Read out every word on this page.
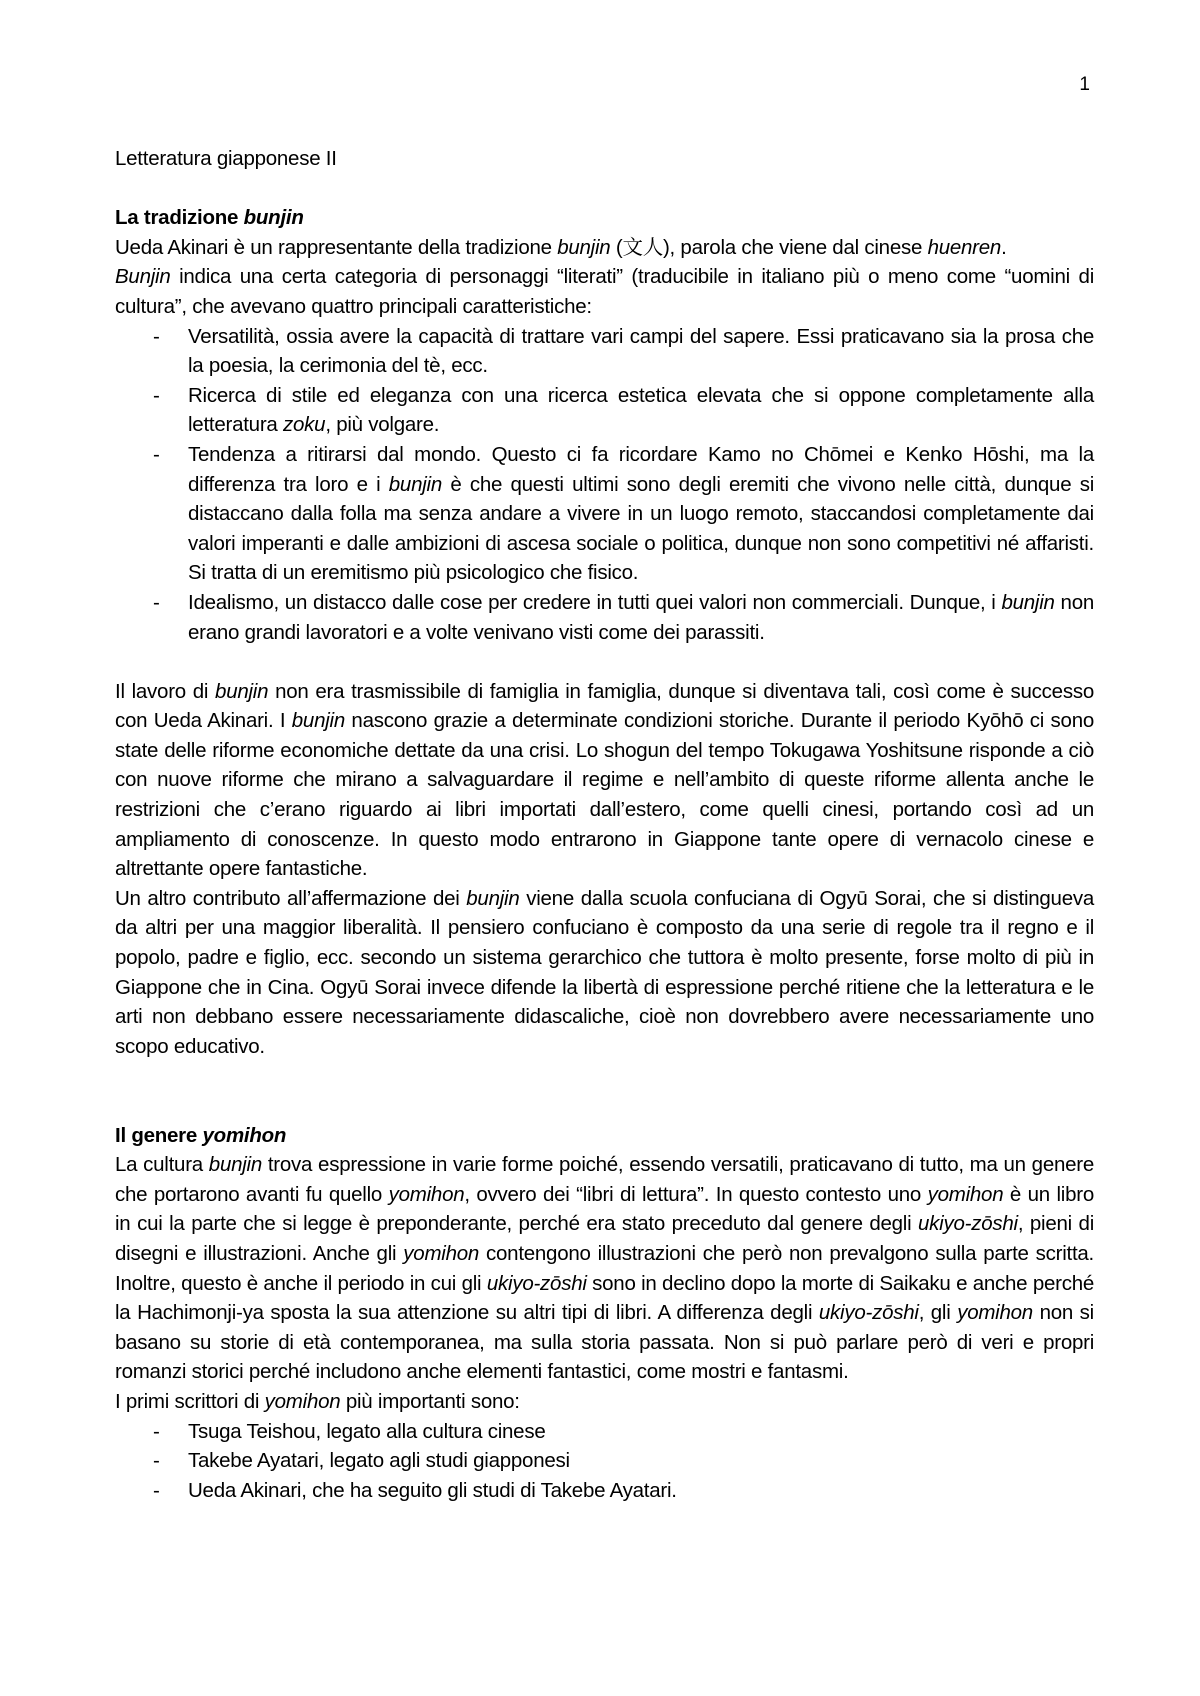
1

Letteratura giapponese II

La tradizione bunjin

Ueda Akinari è un rappresentante della tradizione bunjin (文人), parola che viene dal cinese huenren.
Bunjin indica una certa categoria di personaggi “literati” (traducibile in italiano più o meno come “uomini di cultura”, che avevano quattro principali caratteristiche:

- Versatilità, ossia avere la capacità di trattare vari campi del sapere. Essi praticavano sia la prosa che la poesia, la cerimonia del tè, ecc.
- Ricerca di stile ed eleganza con una ricerca estetica elevata che si oppone completamente alla letteratura zoku, più volgare.
- Tendenza a ritirarsi dal mondo. Questo ci fa ricordare Kamo no Chōmei e Kenko Hōshi, ma la differenza tra loro e i bunjin è che questi ultimi sono degli eremiti che vivono nelle città, dunque si distaccano dalla folla ma senza andare a vivere in un luogo remoto, staccandosi completamente dai valori imperanti e dalle ambizioni di ascesa sociale o politica, dunque non sono competitivi né affaristi. Si tratta di un eremitismo più psicologico che fisico.
- Idealismo, un distacco dalle cose per credere in tutti quei valori non commerciali. Dunque, i bunjin non erano grandi lavoratori e a volte venivano visti come dei parassiti.

Il lavoro di bunjin non era trasmissibile di famiglia in famiglia, dunque si diventava tali, così come è successo con Ueda Akinari. I bunjin nascono grazie a determinate condizioni storiche. Durante il periodo Kyōhō ci sono state delle riforme economiche dettate da una crisi. Lo shogun del tempo Tokugawa Yoshitsune risponde a ciò con nuove riforme che mirano a salvaguardare il regime e nell’ambito di queste riforme allenta anche le restrizioni che c’erano riguardo ai libri importati dall’estero, come quelli cinesi, portando così ad un ampliamento di conoscenze. In questo modo entrarono in Giappone tante opere di vernacolo cinese e altrettante opere fantastiche.

Un altro contributo all’affermazione dei bunjin viene dalla scuola confuciana di Ogyū Sorai, che si distingueva da altri per una maggior liberalità. Il pensiero confuciano è composto da una serie di regole tra il regno e il popolo, padre e figlio, ecc. secondo un sistema gerarchico che tuttora è molto presente, forse molto di più in Giappone che in Cina. Ogyū Sorai invece difende la libertà di espressione perché ritiene che la letteratura e le arti non debbano essere necessariamente didascaliche, cioè non dovrebbero avere necessariamente uno scopo educativo.

Il genere yomihon

La cultura bunjin trova espressione in varie forme poiché, essendo versatili, praticavano di tutto, ma un genere che portarono avanti fu quello yomihon, ovvero dei “libri di lettura”. In questo contesto uno yomihon è un libro in cui la parte che si legge è preponderante, perché era stato preceduto dal genere degli ukiyo-zōshi, pieni di disegni e illustrazioni. Anche gli yomihon contengono illustrazioni che però non prevalgono sulla parte scritta. Inoltre, questo è anche il periodo in cui gli ukiyo-zōshi sono in declino dopo la morte di Saikaku e anche perché la Hachimonji-ya sposta la sua attenzione su altri tipi di libri. A differenza degli ukiyo-zōshi, gli yomihon non si basano su storie di età contemporanea, ma sulla storia passata. Non si può parlare però di veri e propri romanzi storici perché includono anche elementi fantastici, come mostri e fantasmi.

I primi scrittori di yomihon più importanti sono:

- Tsuga Teishou, legato alla cultura cinese
- Takebe Ayatari, legato agli studi giapponesi
- Ueda Akinari, che ha seguito gli studi di Takebe Ayatari.
